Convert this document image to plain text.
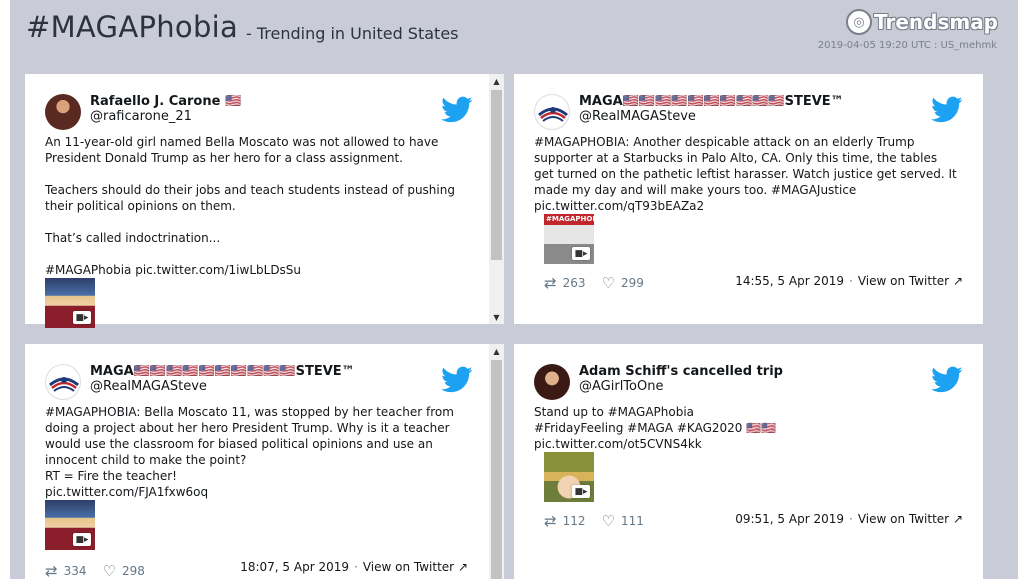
#MAGAPhobia - Trending in United States
◎ Trendsmap
2019-04-05 19:20 UTC : US_mehmk
Rafaello J. Carone 🇺🇸
@raficarone_21
An 11-year-old girl named Bella Moscato was not allowed to have President Donald Trump as her hero for a class assignment.

Teachers should do their jobs and teach students instead of pushing their political opinions on them.

That’s called indoctrination...

#MAGAPhobia pic.twitter.com/1iwLbLDsSu
■▸
▲
▼
MAGA🇺🇸🇺🇸🇺🇸🇺🇸🇺🇸🇺🇸🇺🇸🇺🇸🇺🇸🇺🇸STEVE™
@RealMAGASteve
#MAGAPHOBIA: Another despicable attack on an elderly Trump supporter at a Starbucks in Palo Alto, CA. Only this time, the tables get turned on the pathetic leftist harasser. Watch justice get served. It made my day and will make yours too. #MAGAJustice pic.twitter.com/qT93bEAZa2
#MAGAPHOBIA
■▸
⇄ 263 ♡ 299	14:55, 5 Apr 2019 · View on Twitter ↗
MAGA🇺🇸🇺🇸🇺🇸🇺🇸🇺🇸🇺🇸🇺🇸🇺🇸🇺🇸🇺🇸STEVE™
@RealMAGASteve
#MAGAPHOBIA: Bella Moscato 11, was stopped by her teacher from doing a project about her hero President Trump. Why is it a teacher would use the classroom for biased political opinions and use an innocent child to make the point?
RT = Fire the teacher!
pic.twitter.com/FJA1fxw6oq
■▸
⇄ 334 ♡ 298	18:07, 5 Apr 2019 · View on Twitter ↗
▲
Adam Schiff's cancelled trip
@AGirlToOne
Stand up to #MAGAPhobia
#FridayFeeling #MAGA #KAG2020 🇺🇸🇺🇸
pic.twitter.com/ot5CVNS4kk
■▸
⇄ 112 ♡ 111	09:51, 5 Apr 2019 · View on Twitter ↗
